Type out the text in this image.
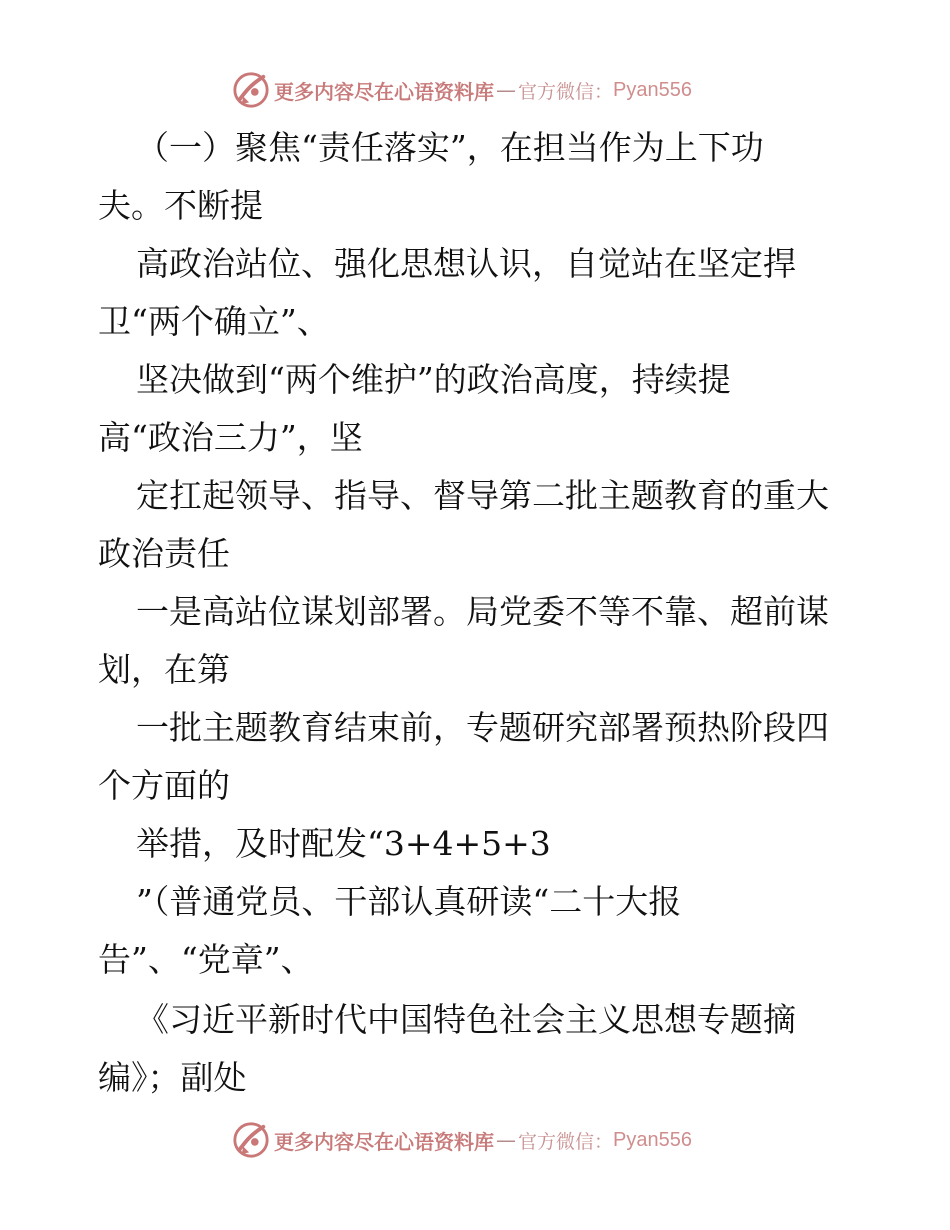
更多内容尽在心语资料库 — 官方微信： Pyan556
（一）聚焦“责任落实”，在担当作为上下功
夫。不断提
高政治站位、强化思想认识，自觉站在坚定捍
卫“两个确立”、
坚决做到“两个维护”的政治高度，持续提
高“政治三力”，坚
定扛起领导、指导、督导第二批主题教育的重大
政治责任
一是高站位谋划部署。局党委不等不靠、超前谋
划，在第
一批主题教育结束前，专题研究部署预热阶段四
个方面的
举措，及时配发“3+4+5+3
”（普通党员、干部认真研读“二十大报
告”、“党章”、
《习近平新时代中国特色社会主义思想专题摘
编》；副处
更多内容尽在心语资料库 — 官方微信： Pyan556
